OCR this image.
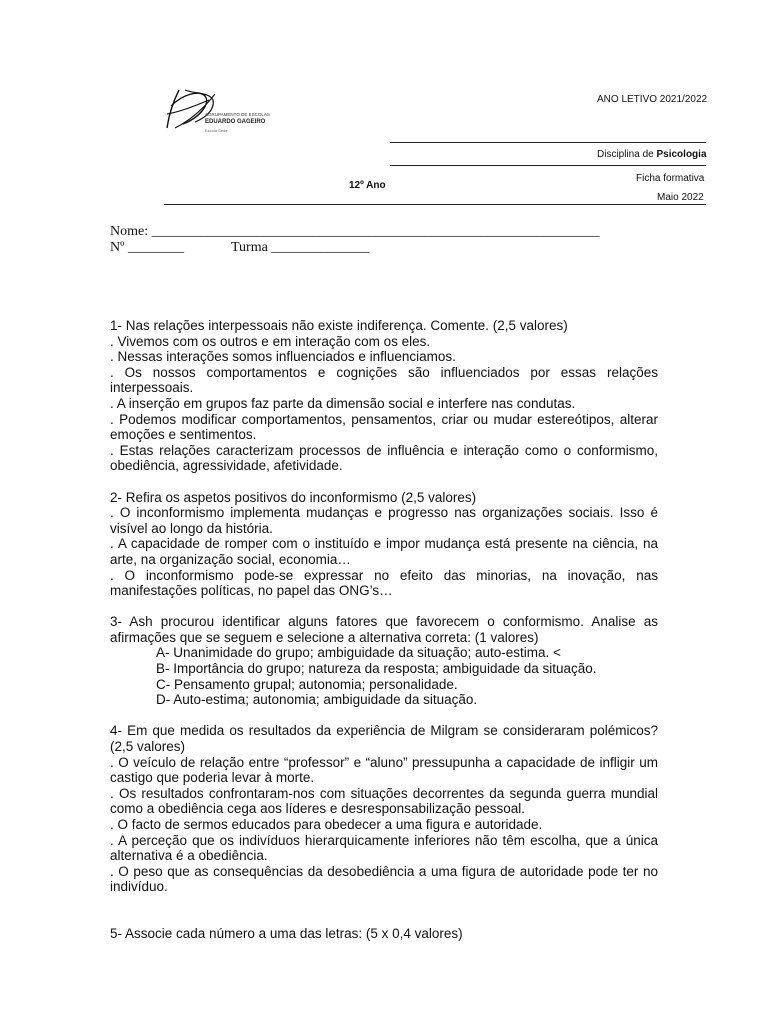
AGRUPAMENTO DE ESCOLAS
EDUARDO GAGEIRO
Escola Sede
ANO LETIVO 2021/2022
Disciplina de Psicologia
12º Ano
Ficha formativa
Maio 2022
Nome: ________________________________________________________________
Nº ________	Turma ______________
1- Nas relações interpessoais não existe indiferença. Comente. (2,5 valores)
. Vivemos com os outros e em interação com os eles.
. Nessas interações somos influenciados e influenciamos.
. Os nossos comportamentos e cognições são influenciados por essas relações interpessoais.
. A inserção em grupos faz parte da dimensão social e interfere nas condutas.
. Podemos modificar comportamentos, pensamentos, criar ou mudar estereótipos, alterar emoções e sentimentos.
. Estas relações caracterizam processos de influência e interação como o conformismo, obediência, agressividade, afetividade.
2- Refira os aspetos positivos do inconformismo (2,5 valores)
. O inconformismo implementa mudanças e progresso nas organizações sociais. Isso é visível ao longo da história.
. A capacidade de romper com o instituído e impor mudança está presente na ciência, na arte, na organização social, economia…
. O inconformismo pode-se expressar no efeito das minorias, na inovação, nas manifestações políticas, no papel das ONG’s…
3- Ash procurou identificar alguns fatores que favorecem o conformismo. Analise as afirmações que se seguem e selecione a alternativa correta: (1 valores)
A- Unanimidade do grupo; ambiguidade da situação; auto-estima. <
B- Importância do grupo; natureza da resposta; ambiguidade da situação.
C- Pensamento grupal; autonomia; personalidade.
D- Auto-estima; autonomia; ambiguidade da situação.
4- Em que medida os resultados da experiência de Milgram se consideraram polémicos? (2,5 valores)
. O veículo de relação entre “professor” e “aluno” pressupunha a capacidade de infligir um castigo que poderia levar à morte.
. Os resultados confrontaram-nos com situações decorrentes da segunda guerra mundial como a obediência cega aos líderes e desresponsabilização pessoal.
. O facto de sermos educados para obedecer a uma figura e autoridade.
. A perceção que os indivíduos hierarquicamente inferiores não têm escolha, que a única alternativa é a obediência.
. O peso que as consequências da desobediência a uma figura de autoridade pode ter no indivíduo.
5- Associe cada número a uma das letras: (5 x 0,4 valores)
